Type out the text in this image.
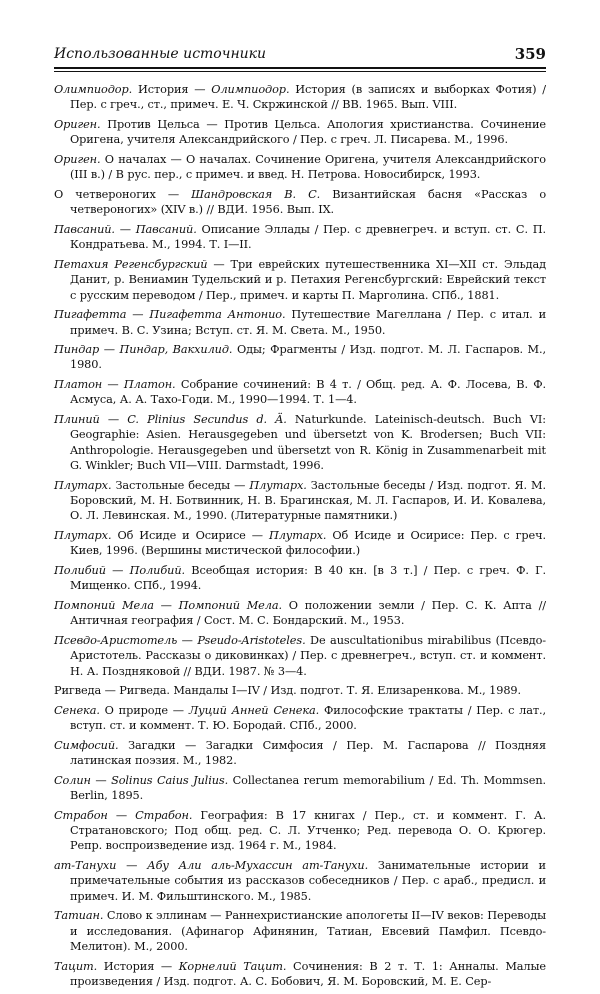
Использованные источники	359

Олимпиодор. История — Олимпиодор. История (в записях и выборках Фотия) / Пер. с греч., ст., примеч. Е. Ч. Скржинской // ВВ. 1965. Вып. VIII.

Ориген. Против Цельса — Против Цельса. Апология христианства. Сочинение Оригена, учителя Александрийского / Пер. с греч. Л. Писарева. М., 1996.

Ориген. О началах — О началах. Сочинение Оригена, учителя Александрийского (III в.) / В рус. пер., с примеч. и введ. Н. Петрова. Новосибирск, 1993.

О четвероногих — Шандровская В. С. Византийская басня «Рассказ о четвероногих» (XIV в.) // ВДИ. 1956. Вып. IX.

Павсаний. — Павсаний. Описание Эллады / Пер. с древнегреч. и вступ. ст. С. П. Кондратьева. М., 1994. Т. I—II.

Петахия Регенсбургский — Три еврейских путешественника XI—XII ст. Эльдад Данит, р. Вениамин Тудельский и р. Петахия Регенсбургский: Еврейский текст с русским переводом / Пер., примеч. и карты П. Марголина. СПб., 1881.

Пигафетта — Пигафетта Антонио. Путешествие Магеллана / Пер. с итал. и примеч. В. С. Узина; Вступ. ст. Я. М. Света. М., 1950.

Пиндар — Пиндар, Вакхилид. Оды; Фрагменты / Изд. подгот. М. Л. Гаспаров. М., 1980.

Платон — Платон. Собрание сочинений: В 4 т. / Общ. ред. А. Ф. Лосева, В. Ф. Асмуса, А. А. Тахо-Годи. М., 1990—1994. Т. 1—4.

Плиний — C. Plinius Secundus d. Ä. Naturkunde. Lateinisch-deutsch. Buch VI: Geographie: Asien. Herausgegeben und übersetzt von K. Brodersen; Buch VII: Anthropologie. Herausgegeben und übersetzt von R. König in Zusammenarbeit mit G. Winkler; Buch VII—VIII. Darmstadt, 1996.

Плутарх. Застольные беседы — Плутарх. Застольные беседы / Изд. подгот. Я. М. Боровский, М. Н. Ботвинник, Н. В. Брагинская, М. Л. Гаспаров, И. И. Ковалева, О. Л. Левинская. М., 1990. (Литературные памятники.)

Плутарх. Об Исиде и Осирисе — Плутарх. Об Исиде и Осирисе: Пер. с греч. Киев, 1996. (Вершины мистической философии.)

Полибий — Полибий. Всеобщая история: В 40 кн. [в 3 т.] / Пер. с греч. Ф. Г. Мищенко. СПб., 1994.

Помпоний Мела — Помпоний Мела. О положении земли / Пер. С. К. Апта // Античная география / Сост. М. С. Бондарский. М., 1953.

Псевдо-Аристотель — Pseudo-Aristoteles. De auscultationibus mirabilibus (Псевдо-Аристотель. Рассказы о диковинках) / Пер. с древнегреч., вступ. ст. и коммент. Н. А. Поздняковой // ВДИ. 1987. № 3—4.

Ригведа — Ригведа. Мандалы I—IV / Изд. подгот. Т. Я. Елизаренкова. М., 1989.

Сенека. О природе — Луций Анней Сенека. Философские трактаты / Пер. с лат., вступ. ст. и коммент. Т. Ю. Бородай. СПб., 2000.

Симфосий. Загадки — Загадки Симфосия / Пер. М. Гаспарова // Поздняя латинская поэзия. М., 1982.

Солин — Solinus Caius Julius. Collectanea rerum memorabilium / Ed. Th. Mommsen. Berlin, 1895.

Страбон — Страбон. География: В 17 книгах / Пер., ст. и коммент. Г. А. Стратановского; Под общ. ред. С. Л. Утченко; Ред. перевода О. О. Крюгер. Репр. воспроизведение изд. 1964 г. М., 1984.

ат-Танухи — Абу Али аль-Мухассин ат-Танухи. Занимательные истории и примечательные события из рассказов собеседников / Пер. с араб., предисл. и примеч. И. М. Фильштинского. М., 1985.

Татиан. Слово к эллинам — Раннехристианские апологеты II—IV веков: Переводы и исследования. (Афинагор Афинянин, Татиан, Евсевий Памфил. Псевдо-Мелитон). М., 2000.

Тацит. История — Корнелий Тацит. Сочинения: В 2 т. Т. 1: Анналы. Малые произведения / Изд. подгот. А. С. Бобович, Я. М. Боровский, М. Е. Сер-
